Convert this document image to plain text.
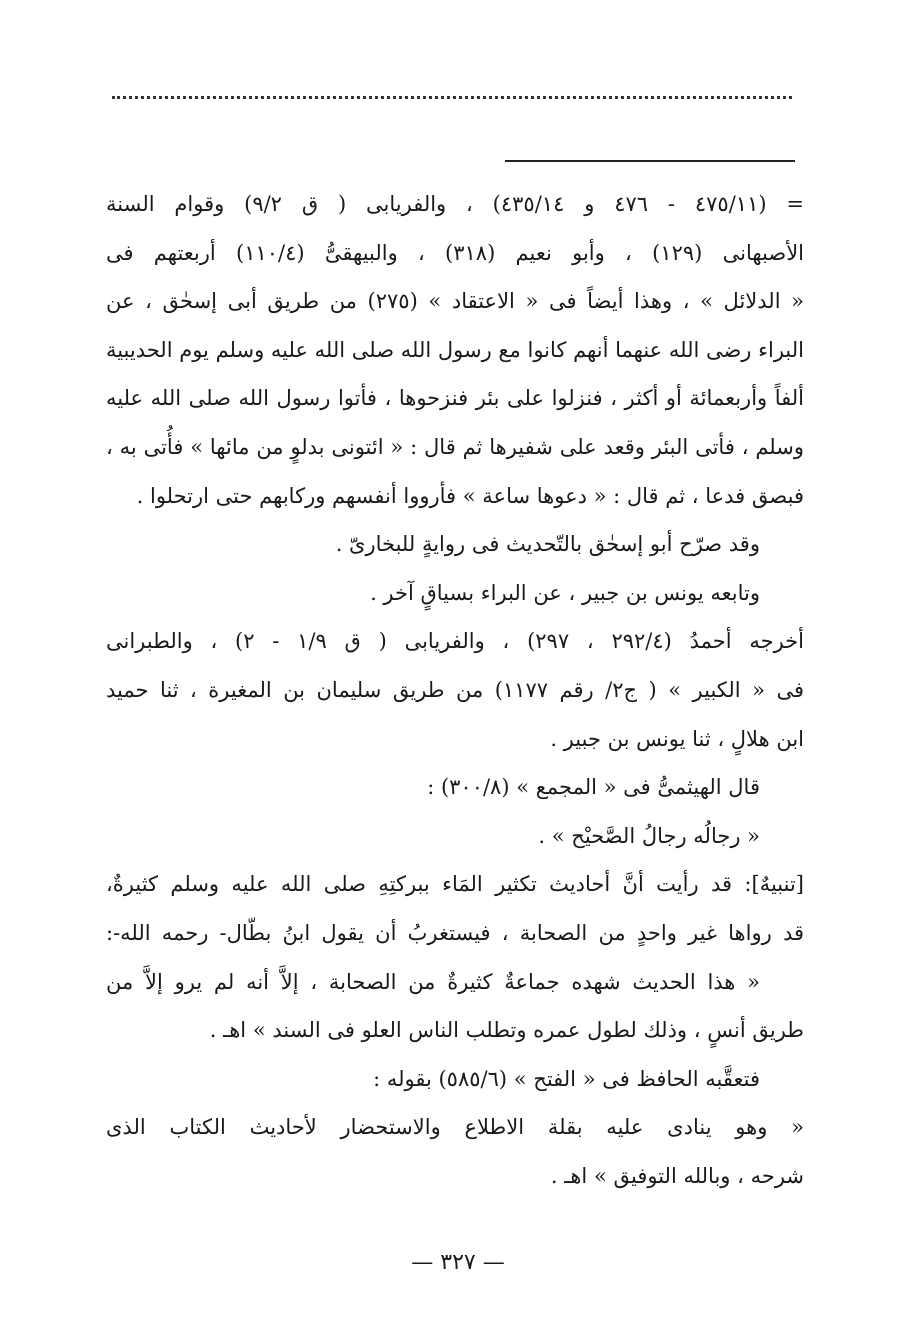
= (٤٧٥/١١ - ٤٧٦ و ٤٣٥/١٤) ، والفريابى ( ق ٩/٢) وقوام السنة
الأصبهانى (١٢٩) ، وأبو نعيم (٣١٨) ، والبيهقىُّ (١١٠/٤) أربعتهم فى
« الدلائل » ، وهذا أيضاً فى « الاعتقاد » (٢٧٥) من طريق أبى إسحٰق ، عن
البراء رضى الله عنهما أنهم كانوا مع رسول الله صلى الله عليه وسلم يوم الحديبية
ألفاً وأربعمائة أو أكثر ، فنزلوا على بئر فنزحوها ، فأتوا رسول الله صلى الله عليه
وسلم ، فأتى البئر وقعد على شفيرها ثم قال : « ائتونى بدلوٍ من مائها » فأُتى به ،
فبصق فدعا ، ثم قال : « دعوها ساعة » فأرووا أنفسهم وركابهم حتى ارتحلوا .
وقد صرّح أبو إسحٰق بالتّحديث فى روايةٍ للبخارىّ .
وتابعه يونس بن جبير ، عن البراء بسياقٍ آخر .
أخرجه أحمدُ (٢٩٢/٤ ، ٢٩٧) ، والفريابى ( ق ١/٩ - ٢) ، والطبرانى
فى « الكبير » ( ج٢/ رقم ١١٧٧) من طريق سليمان بن المغيرة ، ثنا حميد
ابن هلالٍ ، ثنا يونس بن جبير .
قال الهيثمىُّ فى « المجمع » (٣٠٠/٨) :
« رجالُه رجالُ الصَّحيْح » .
[تنبيهٌ]: قد رأيت أنَّ أحاديث تكثير المَاء ببركتِهِ صلى الله عليه وسلم كثيرةٌ،
قد رواها غير واحدٍ من الصحابة ، فيستغربُ أن يقول ابنُ بطّال- رحمه الله-:
« هذا الحديث شهده جماعةٌ كثيرةٌ من الصحابة ، إلاَّ أنه لم يرو إلاَّ من
طريق أنسٍ ، وذلك لطول عمره وتطلب الناس العلو فى السند » اهـ .
فتعقَّبه الحافظ فى « الفتح » (٥٨٥/٦) بقوله :
« وهو ينادى عليه بقلة الاطلاع والاستحضار لأحاديث الكتاب الذى
شرحه ، وبالله التوفيق » اهـ .
— ٣٢٧ —
